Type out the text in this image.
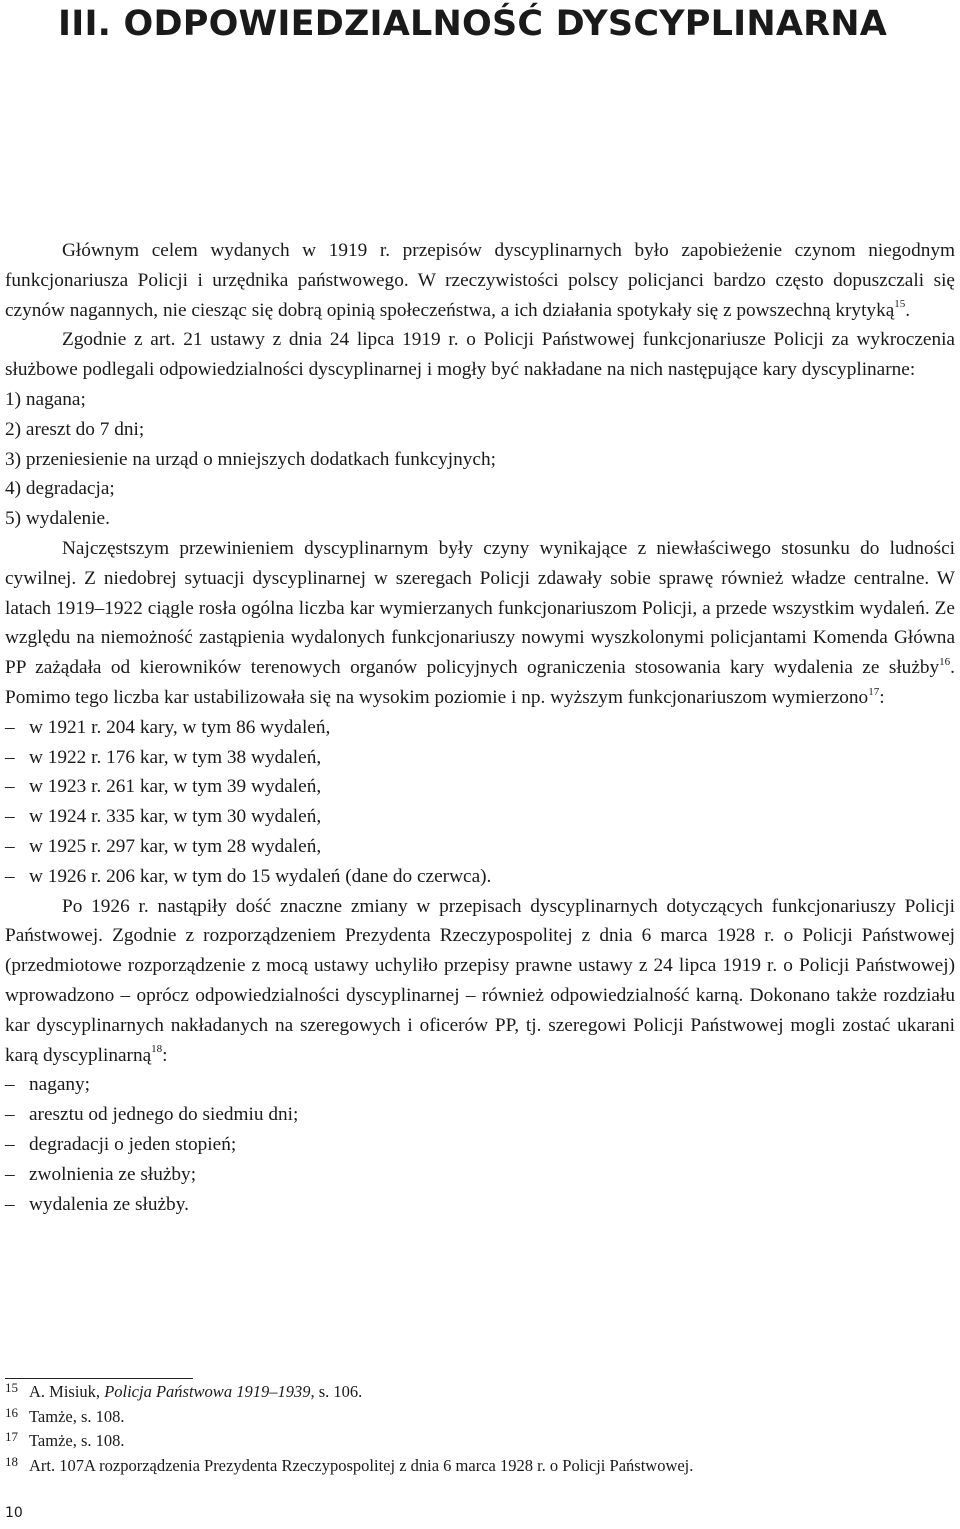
III. ODPOWIEDZIALNOŚĆ DYSCYPLINARNA

Głównym celem wydanych w 1919 r. przepisów dyscyplinarnych było zapobieżenie czynom niegodnym funkcjonariusza Policji i urzędnika państwowego. W rzeczywistości polscy policjanci bardzo często dopuszczali się czynów nagannych, nie ciesząc się dobrą opinią społeczeństwa, a ich działania spotykały się z powszechną krytyką$^{15}$.

Zgodnie z art. 21 ustawy z dnia 24 lipca 1919 r. o Policji Państwowej funkcjonariusze Policji za wykroczenia służbowe podlegali odpowiedzialności dyscyplinarnej i mogły być nakładane na nich następujące kary dyscyplinarne:

1) nagana;

2) areszt do 7 dni;

3) przeniesienie na urząd o mniejszych dodatkach funkcyjnych;

4) degradacja;

5) wydalenie.

Najczęstszym przewinieniem dyscyplinarnym były czyny wynikające z niewłaściwego stosunku do ludności cywilnej. Z niedobrej sytuacji dyscyplinarnej w szeregach Policji zdawały sobie sprawę również władze centralne. W latach 1919–1922 ciągle rosła ogólna liczba kar wymierzanych funkcjonariuszom Policji, a przede wszystkim wydaleń. Ze względu na niemożność zastąpienia wydalonych funkcjonariuszy nowymi wyszkolonymi policjantami Komenda Główna PP zażądała od kierowników terenowych organów policyjnych ograniczenia stosowania kary wydalenia ze służby$^{16}$. Pomimo tego liczba kar ustabilizowała się na wysokim poziomie i np. wyższym funkcjonariuszom wymierzono$^{17}$:

– w 1921 r. 204 kary, w tym 86 wydaleń,

– w 1922 r. 176 kar, w tym 38 wydaleń,

– w 1923 r. 261 kar, w tym 39 wydaleń,

– w 1924 r. 335 kar, w tym 30 wydaleń,

– w 1925 r. 297 kar, w tym 28 wydaleń,

– w 1926 r. 206 kar, w tym do 15 wydaleń (dane do czerwca).

Po 1926 r. nastąpiły dość znaczne zmiany w przepisach dyscyplinarnych dotyczących funkcjonariuszy Policji Państwowej. Zgodnie z rozporządzeniem Prezydenta Rzeczypospolitej z dnia 6 marca 1928 r. o Policji Państwowej (przedmiotowe rozporządzenie z mocą ustawy uchyliło przepisy prawne ustawy z 24 lipca 1919 r. o Policji Państwowej) wprowadzono – oprócz odpowiedzialności dyscyplinarnej – również odpowiedzialność karną. Dokonano także rozdziału kar dyscyplinarnych nakładanych na szeregowych i oficerów PP, tj. szeregowi Policji Państwowej mogli zostać ukarani karą dyscyplinarną$^{18}$:

– nagany;

– aresztu od jednego do siedmiu dni;

– degradacji o jeden stopień;

– zwolnienia ze służby;

– wydalenia ze służby.

15 A. Misiuk, Policja Państwowa 1919–1939, s. 106.
16 Tamże, s. 108.
17 Tamże, s. 108.
18 Art. 107A rozporządzenia Prezydenta Rzeczypospolitej z dnia 6 marca 1928 r. o Policji Państwowej.
10
